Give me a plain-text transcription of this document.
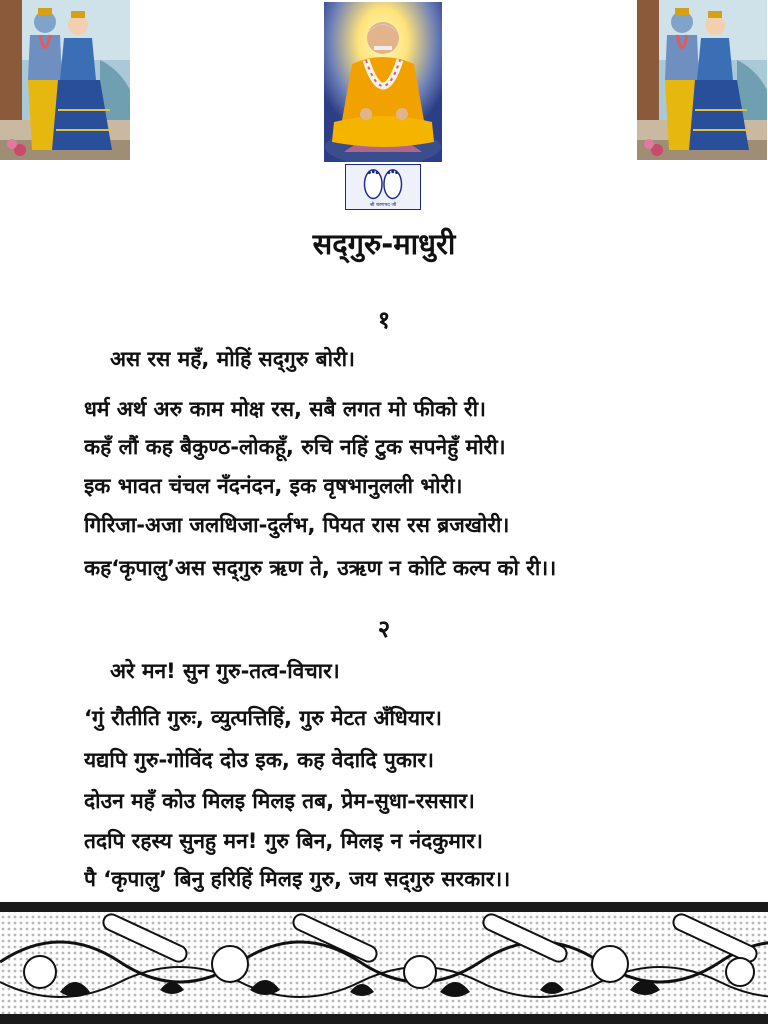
श्री चरणपद जी
सद्‌गुरु-माधुरी
१
अस रस महँ, मोहिं सद्‌गुरु बोरी।
धर्म अर्थ अरु काम मोक्ष रस, सबै लगत मो फीको री।
कहँ लौं कह बैकुण्ठ-लोकहूँ, रुचि नहिं टुक सपनेहुँ मोरी।
इक भावत चंचल नँदनंदन, इक वृषभानुलली भोरी।
गिरिजा-अजा जलधिजा-दुर्लभ, पियत रास रस ब्रजखोरी।
कह‘कृपालु’अस सद्‌गुरु ऋण ते, उऋण न कोटि कल्प को री।।
२
अरे मन! सुन गुरु-तत्व-विचार।
‘गुं रौतीति गुरुः, व्युत्पत्तिहिं, गुरु मेटत अँधियार।
यद्यपि गुरु-गोविंद दोउ इक, कह वेदादि पुकार।
दोउन महँ कोउ मिलइ मिलइ तब, प्रेम-सुधा-रससार।
तदपि रहस्य सुनहु मन! गुरु बिन, मिलइ न नंदकुमार।
पै ‘कृपालु’ बिनु हरिहिं मिलइ गुरु, जय सद्‌गुरु सरकार।।
